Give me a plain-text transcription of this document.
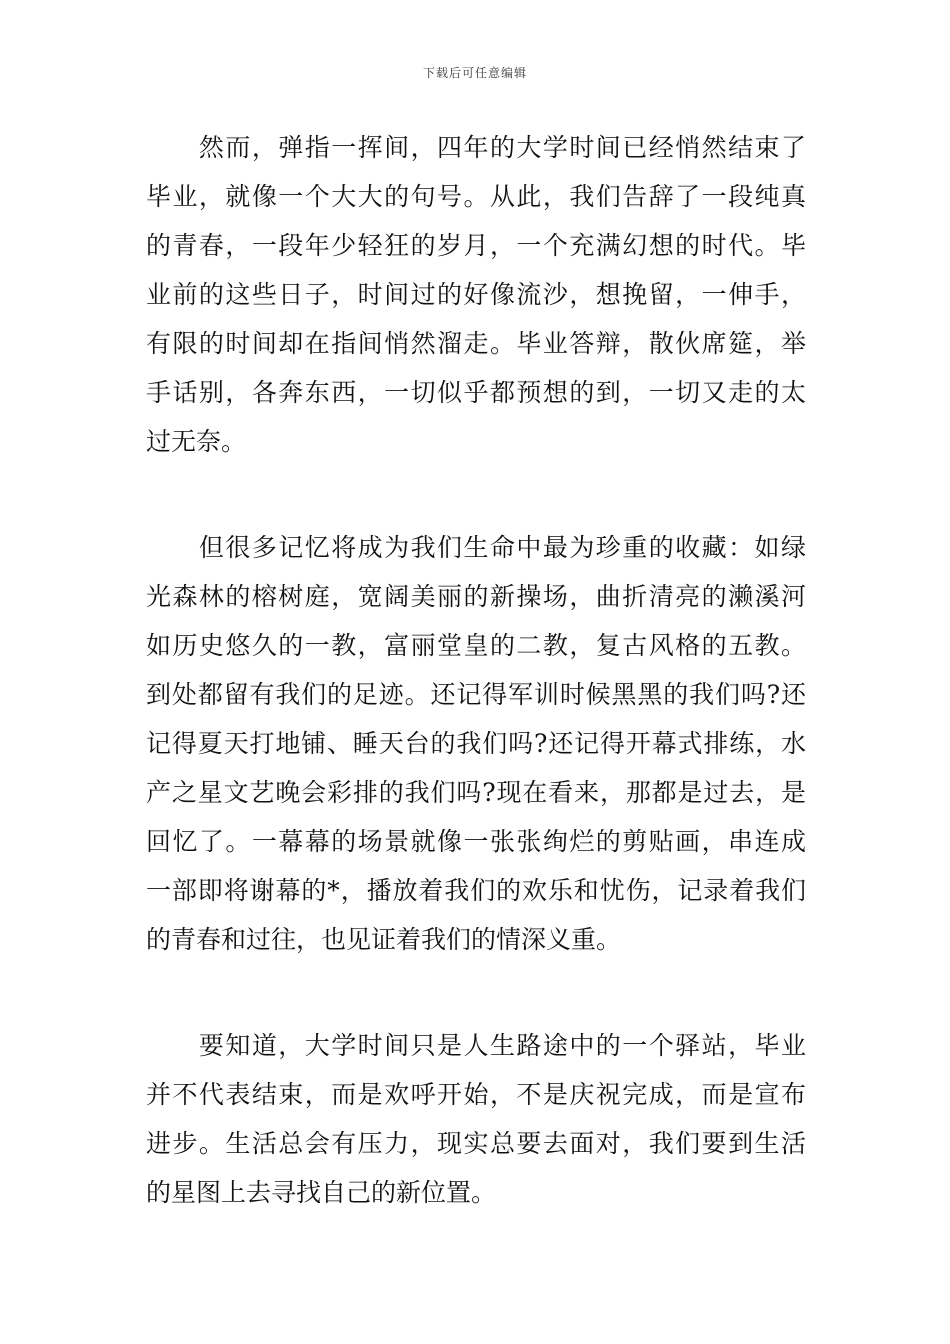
下载后可任意编辑
　　然而，弹指一挥间，四年的大学时间已经悄然结束了
毕业，就像一个大大的句号。从此，我们告辞了一段纯真
的青春，一段年少轻狂的岁月，一个充满幻想的时代。毕
业前的这些日子，时间过的好像流沙，想挽留，一伸手，
有限的时间却在指间悄然溜走。毕业答辩，散伙席筵，举
手话别，各奔东西，一切似乎都预想的到，一切又走的太
过无奈。
　　但很多记忆将成为我们生命中最为珍重的收藏：如绿
光森林的榕树庭，宽阔美丽的新操场，曲折清亮的濑溪河
如历史悠久的一教，富丽堂皇的二教，复古风格的五教。
到处都留有我们的足迹。还记得军训时候黑黑的我们吗?还
记得夏天打地铺、睡天台的我们吗?还记得开幕式排练，水
产之星文艺晚会彩排的我们吗?现在看来，那都是过去，是
回忆了。一幕幕的场景就像一张张绚烂的剪贴画，串连成
一部即将谢幕的*，播放着我们的欢乐和忧伤，记录着我们
的青春和过往，也见证着我们的情深义重。
　　要知道，大学时间只是人生路途中的一个驿站，毕业
并不代表结束，而是欢呼开始，不是庆祝完成，而是宣布
进步。生活总会有压力，现实总要去面对，我们要到生活
的星图上去寻找自己的新位置。
